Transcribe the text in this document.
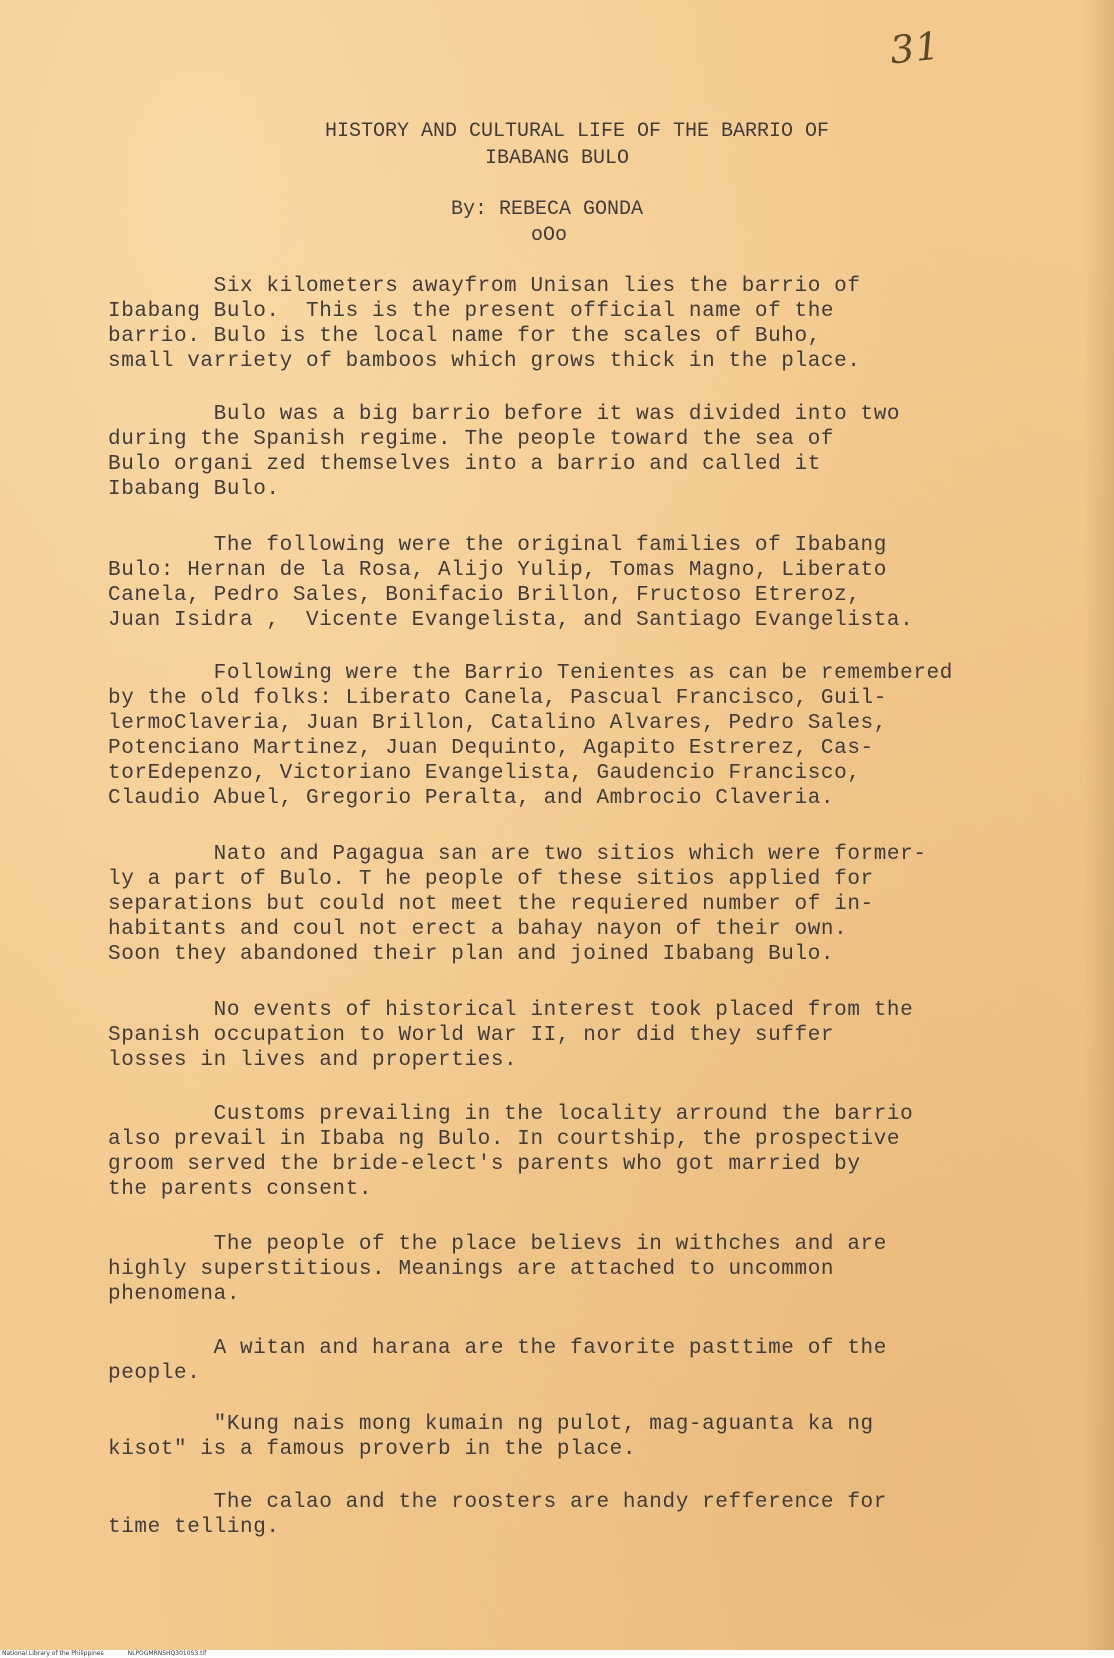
31
HISTORY AND CULTURAL LIFE OF THE BARRIO OF
IBABANG BULO
By: REBECA GONDA
oOo
Six kilometers awayfrom Unisan lies the barrio of
Ibabang Bulo.  This is the present official name of the
barrio. Bulo is the local name for the scales of Buho,
small varriety of bamboos which grows thick in the place.
Bulo was a big barrio before it was divided into two
during the Spanish regime. The people toward the sea of
Bulo organi zed themselves into a barrio and called it
Ibabang Bulo.
The following were the original families of Ibabang
Bulo: Hernan de la Rosa, Alijo Yulip, Tomas Magno, Liberato
Canela, Pedro Sales, Bonifacio Brillon, Fructoso Etreroz,
Juan Isidra ,  Vicente Evangelista, and Santiago Evangelista.
Following were the Barrio Tenientes as can be remembered
by the old folks: Liberato Canela, Pascual Francisco, Guil-
lermoClaveria, Juan Brillon, Catalino Alvares, Pedro Sales,
Potenciano Martinez, Juan Dequinto, Agapito Estrerez, Cas-
torEdepenzo, Victoriano Evangelista, Gaudencio Francisco,
Claudio Abuel, Gregorio Peralta, and Ambrocio Claveria.
Nato and Pagagua san are two sitios which were former-
ly a part of Bulo. T he people of these sitios applied for
separations but could not meet the requiered number of in-
habitants and coul not erect a bahay nayon of their own.
Soon they abandoned their plan and joined Ibabang Bulo.
No events of historical interest took placed from the
Spanish occupation to World War II, nor did they suffer
losses in lives and properties.
Customs prevailing in the locality arround the barrio
also prevail in Ibaba ng Bulo. In courtship, the prospective
groom served the bride-elect's parents who got married by
the parents consent.
The people of the place believs in withches and are
highly superstitious. Meanings are attached to uncommon
phenomena.
A witan and harana are the favorite pasttime of the
people.
"Kung nais mong kumain ng pulot, mag-aguanta ka ng
kisot" is a famous proverb in the place.
The calao and the roosters are handy refference for
time telling.
National Library of the Philippines	NLPOGMRNSHQ3010S3.tif
